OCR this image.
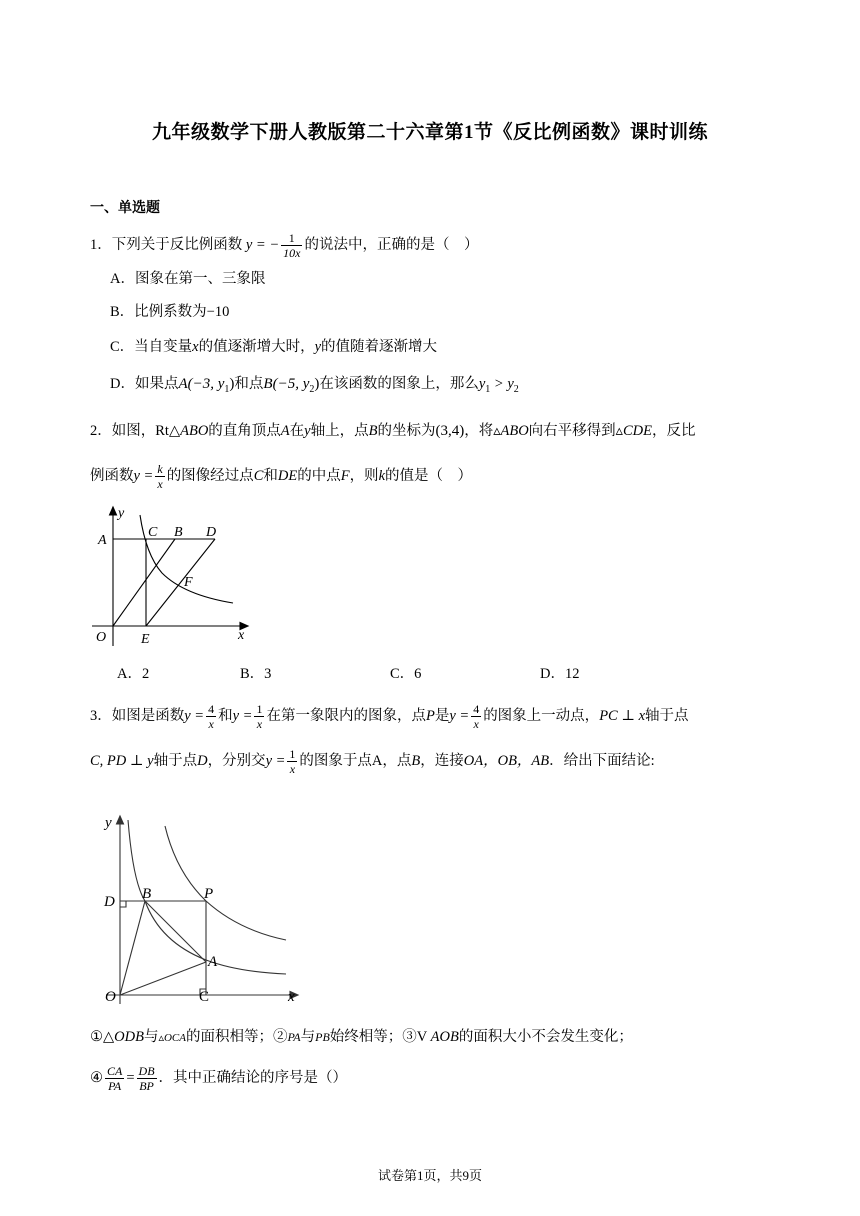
九年级数学下册人教版第二十六章第1节《反比例函数》课时训练
一、单选题
1．下列关于反比例函数 y = − $\frac{1}{10x}$ 的说法中，正确的是（　）
A．图象在第一、三象限
B．比例系数为−10
C．当自变量x的值逐渐增大时，y的值随着逐渐增大
D．如果点A(−3, $y_1$)和点B(−5, $y_2$)在该函数的图象上，那么$y_1 > y_2$
2．如图，Rt△ABO的直角顶点A在y轴上，点B的坐标为(3,4)，将▵ABO向右平移得到▵CDE，反比
例函数$y = \frac{k}{x}$ 的图像经过点C和DE的中点F，则k的值是（　）
y
A
C B D
F
O E	x
A．2	B．3	C．6	D．12
3．如图是函数$y = \frac{4}{x}$ 和$y = \frac{1}{x}$ 在第一象限内的图象，点P是$y = \frac{4}{x}$ 的图象上一动点，PC ⊥ x轴于点
C, PD ⊥ y轴于点D，分别交$y = \frac{1}{x}$ 的图象于点A，点B，连接OA，OB，AB．给出下面结论:
y
D B	P
A
O	C	x
①△ODB与▵OCA的面积相等；②PA与PB始终相等；③V AOB的面积大小不会发生变化；
④ $\frac{CA}{PA} = \frac{DB}{BP}$ ．其中正确结论的序号是（）
试卷第1页，共9页
